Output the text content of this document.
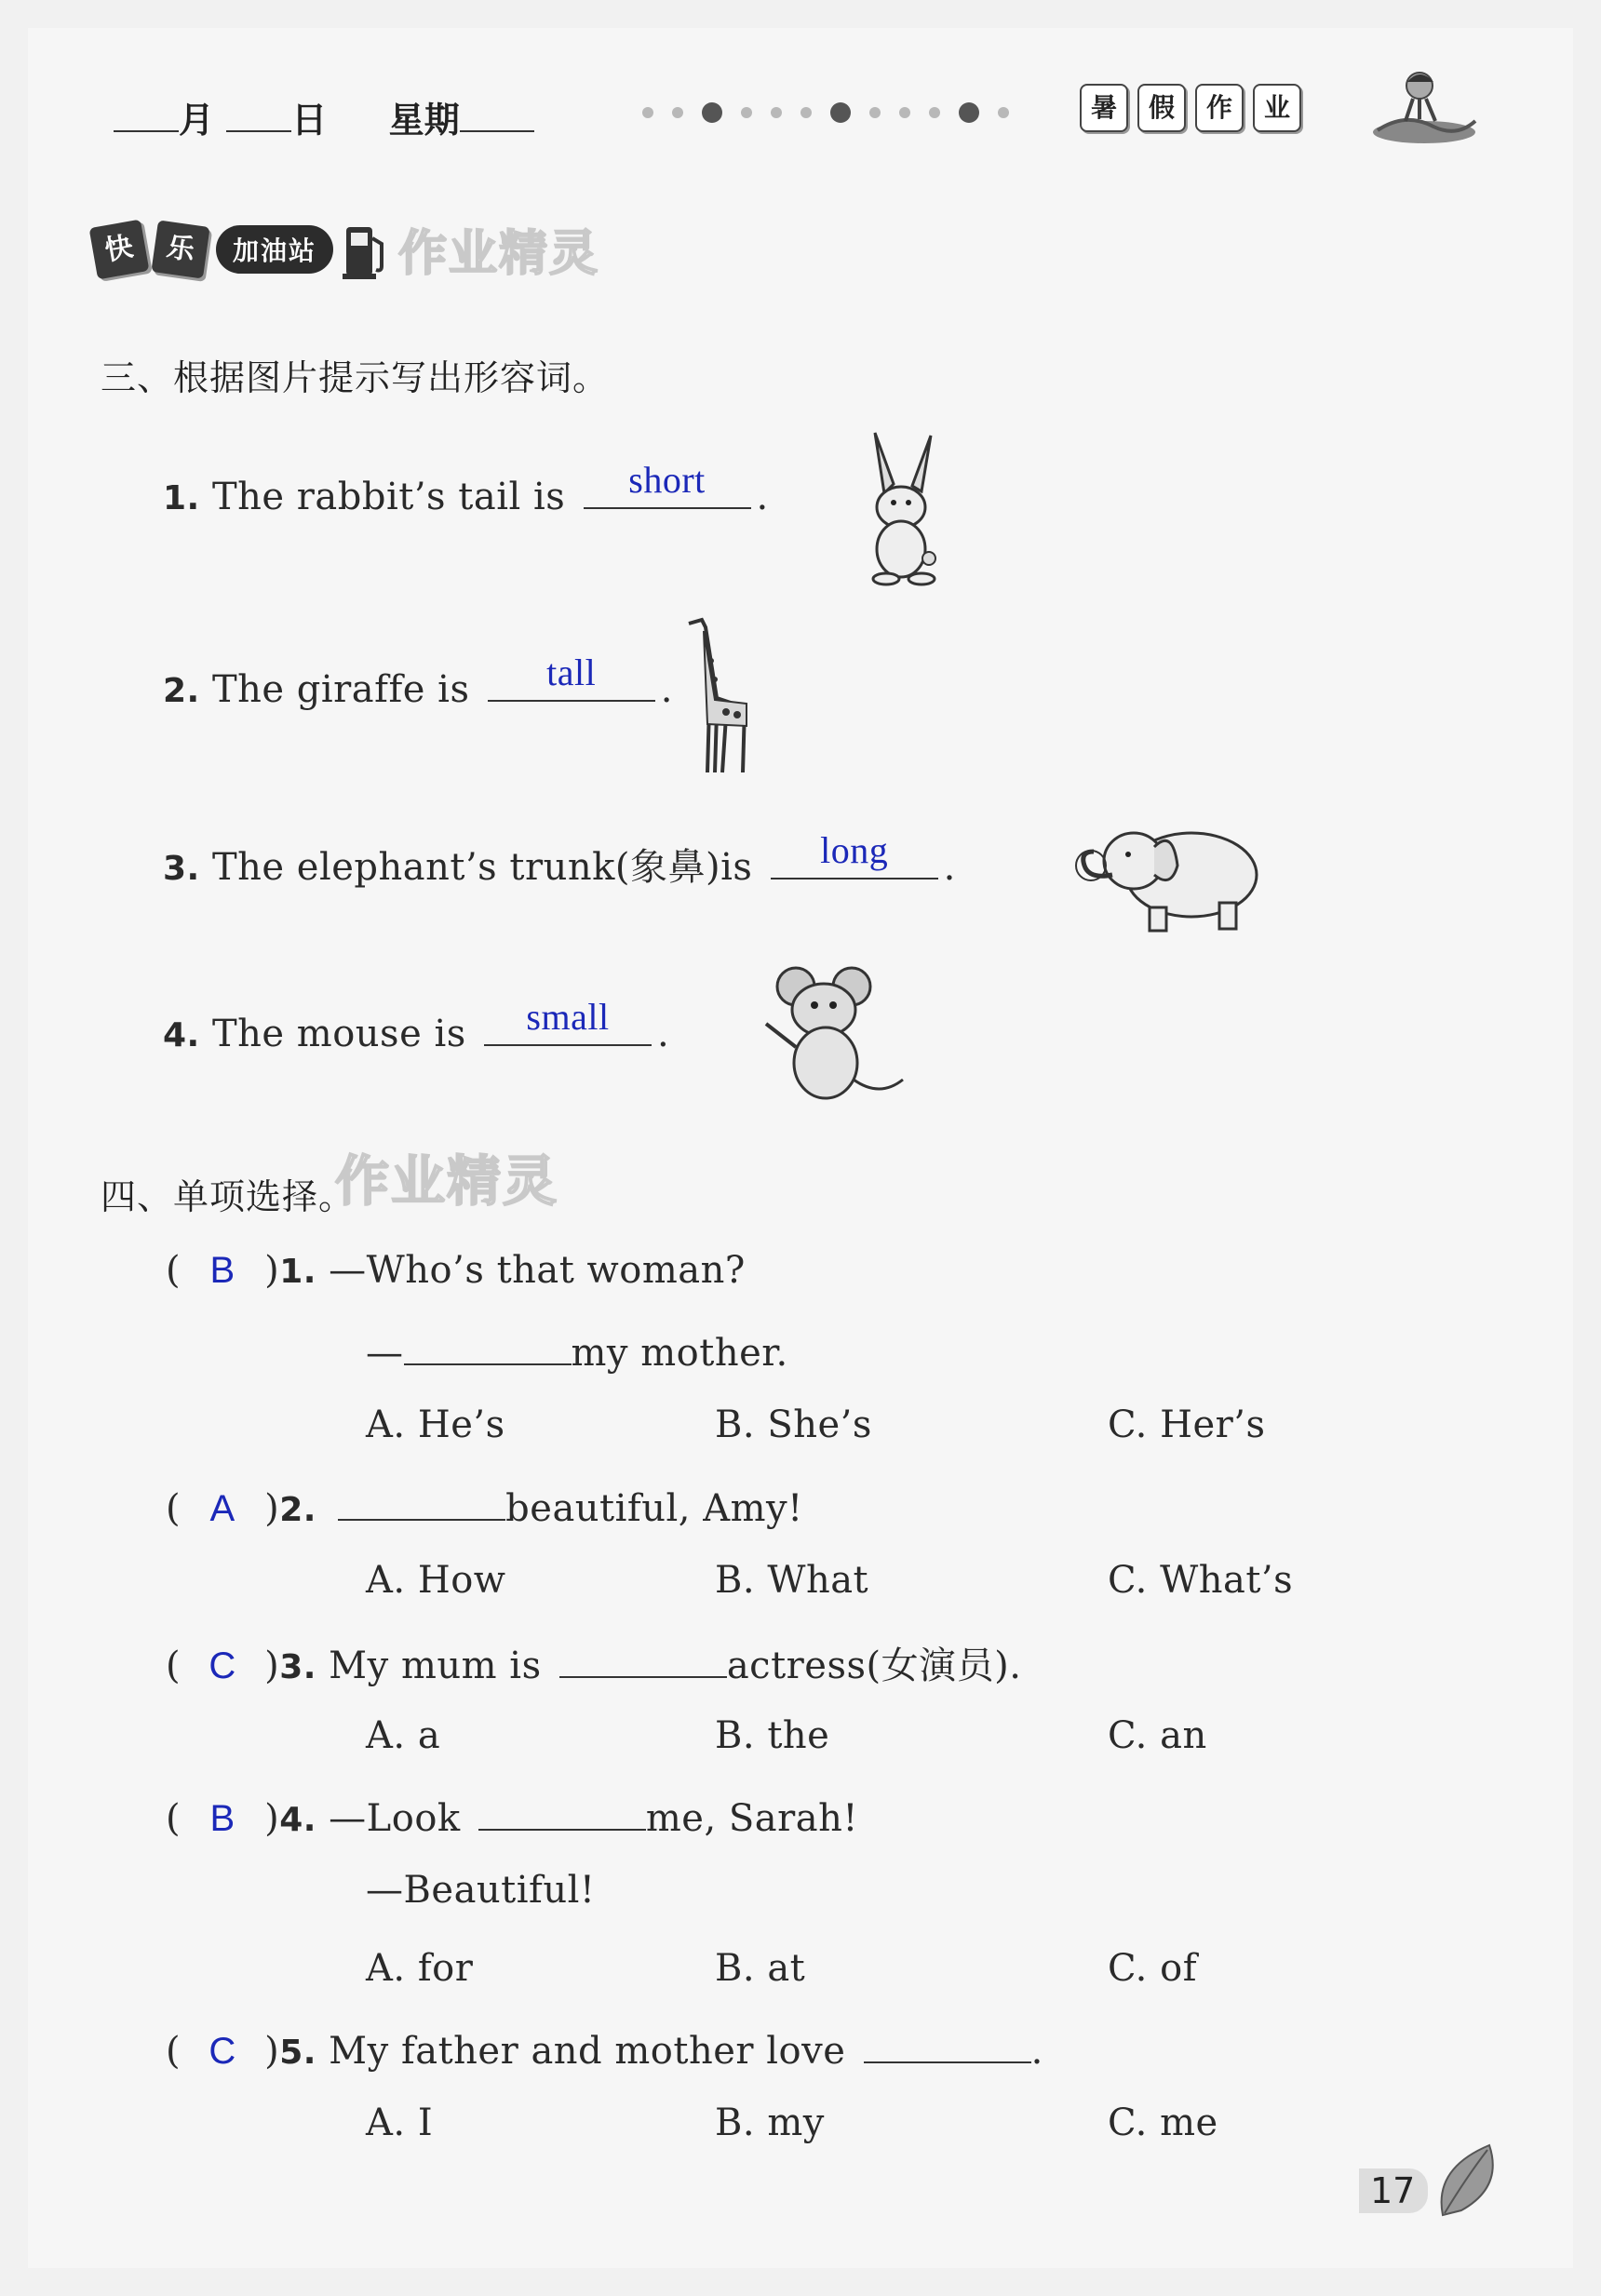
月 日 星期	暑 假 作 业
快	乐	加油站	作业精灵
三、根据图片提示写出形容词。
1. The rabbit’s tail is	short	.
2. The giraffe is	tall	.
3. The elephant’s trunk(象鼻)is	long	.
4. The mouse is	small	.
四、单项选择。
作业精灵
( B )1. —Who’s that woman?
—	my mother.
A. He’s	B. She’s	C. Her’s
( A )2.	beautiful, Amy!
A. How	B. What	C. What’s
( C )3. My mum is	actress(女演员).
A. a	B. the	C. an
( B )4. —Look	me, Sarah!
—Beautiful!
A. for	B. at	C. of
( C )5. My father and mother love	.
A. I	B. my	C. me
17
